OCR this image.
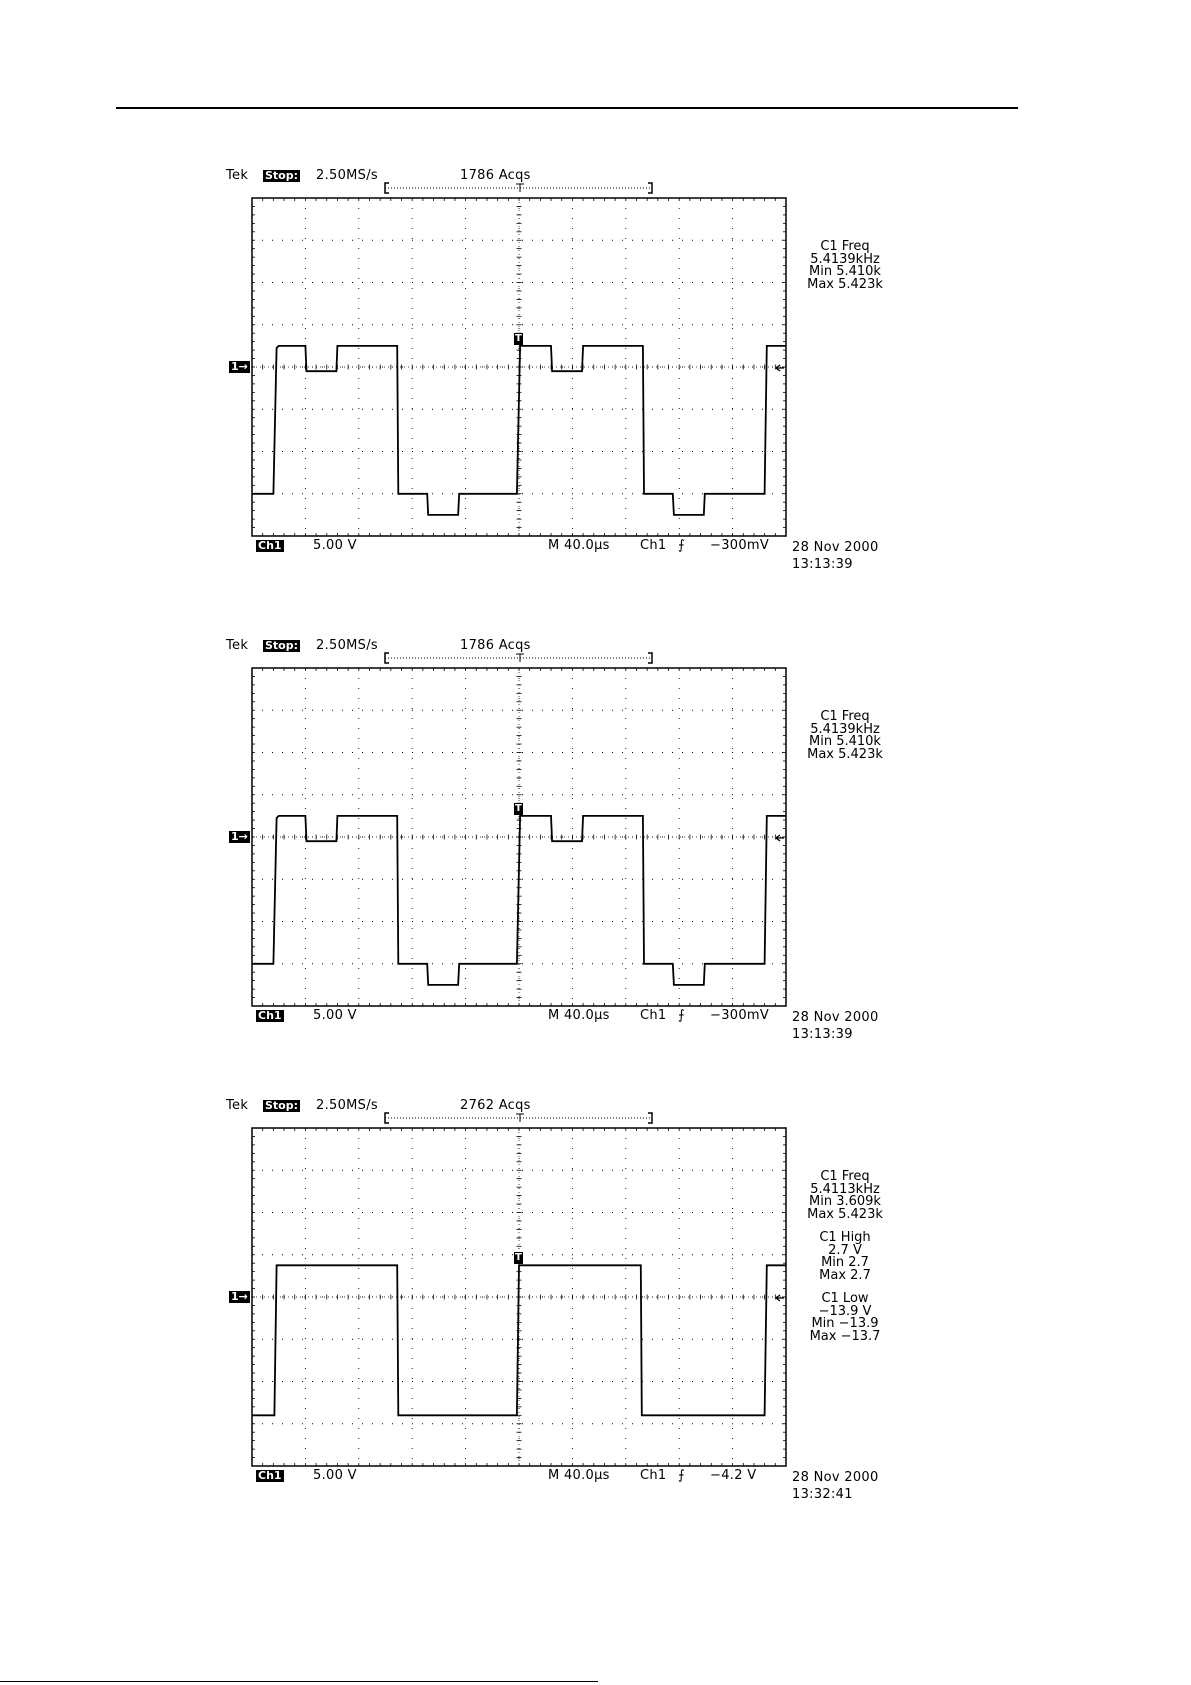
Tek Stop: 2.50MS/s	1786 Acqs
1→
T
Ch1 5.00 V	M 40.0µs Ch1 ⨍ −300mV 28 Nov 2000
13:13:39
C1 Freq
5.4139kHz
Min 5.410k
Max 5.423k
Tek Stop: 2.50MS/s	1786 Acqs
1→
T
Ch1 5.00 V	M 40.0µs Ch1 ⨍ −300mV 28 Nov 2000
13:13:39
C1 Freq
5.4139kHz
Min 5.410k
Max 5.423k
Tek Stop: 2.50MS/s	2762 Acqs
1→
T
Ch1 5.00 V	M 40.0µs Ch1 ⨍ −4.2 V	28 Nov 2000
13:32:41
C1 Freq
5.4113kHz
Min 3.609k
Max 5.423k
C1 High
2.7 V
Min 2.7
Max 2.7
C1 Low
−13.9 V
Min −13.9
Max −13.7
